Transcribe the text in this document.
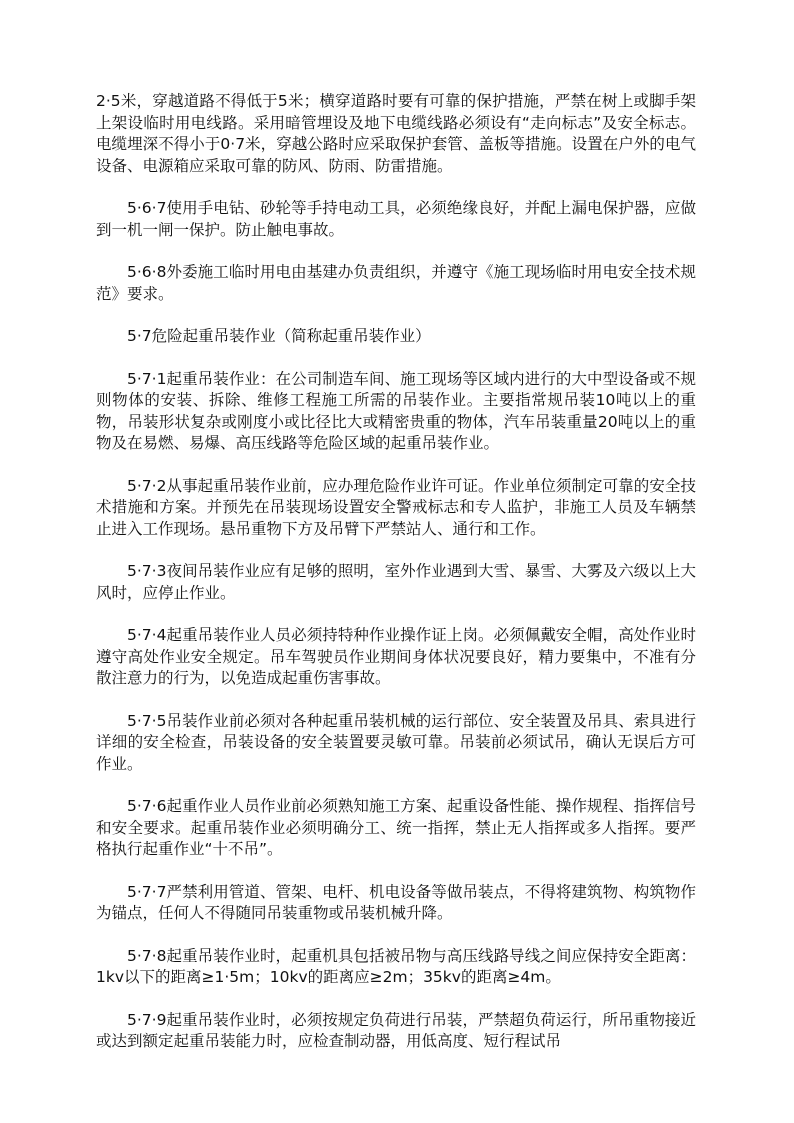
2·5米，穿越道路不得低于5米；横穿道路时要有可靠的保护措施，严禁在树上或脚手架上架设临时用电线路。采用暗管埋设及地下电缆线路必须设有“走向标志”及安全标志。电缆埋深不得小于0·7米，穿越公路时应采取保护套管、盖板等措施。设置在户外的电气设备、电源箱应采取可靠的防风、防雨、防雷措施。

5·6·7使用手电钻、砂轮等手持电动工具，必须绝缘良好，并配上漏电保护器，应做到一机一闸一保护。防止触电事故。

5·6·8外委施工临时用电由基建办负责组织，并遵守《施工现场临时用电安全技术规范》要求。

5·7危险起重吊装作业（简称起重吊装作业）

5·7·1起重吊装作业：在公司制造车间、施工现场等区域内进行的大中型设备或不规则物体的安装、拆除、维修工程施工所需的吊装作业。主要指常规吊装10吨以上的重物，吊装形状复杂或刚度小或比径比大或精密贵重的物体，汽车吊装重量20吨以上的重物及在易燃、易爆、高压线路等危险区域的起重吊装作业。

5·7·2从事起重吊装作业前，应办理危险作业许可证。作业单位须制定可靠的安全技术措施和方案。并预先在吊装现场设置安全警戒标志和专人监护，非施工人员及车辆禁止进入工作现场。悬吊重物下方及吊臂下严禁站人、通行和工作。

5·7·3夜间吊装作业应有足够的照明，室外作业遇到大雪、暴雪、大雾及六级以上大风时，应停止作业。

5·7·4起重吊装作业人员必须持特种作业操作证上岗。必须佩戴安全帽，高处作业时遵守高处作业安全规定。吊车驾驶员作业期间身体状况要良好，精力要集中，不准有分散注意力的行为，以免造成起重伤害事故。

5·7·5吊装作业前必须对各种起重吊装机械的运行部位、安全装置及吊具、索具进行详细的安全检查，吊装设备的安全装置要灵敏可靠。吊装前必须试吊，确认无误后方可作业。

5·7·6起重作业人员作业前必须熟知施工方案、起重设备性能、操作规程、指挥信号和安全要求。起重吊装作业必须明确分工、统一指挥，禁止无人指挥或多人指挥。要严格执行起重作业“十不吊”。

5·7·7严禁利用管道、管架、电杆、机电设备等做吊装点，不得将建筑物、构筑物作为锚点，任何人不得随同吊装重物或吊装机械升降。

5·7·8起重吊装作业时，起重机具包括被吊物与高压线路导线之间应保持安全距离：1kv以下的距离≥1·5m；10kv的距离应≥2m；35kv的距离≥4m。

5·7·9起重吊装作业时，必须按规定负荷进行吊装，严禁超负荷运行，所吊重物接近或达到额定起重吊装能力时，应检查制动器，用低高度、短行程试吊
